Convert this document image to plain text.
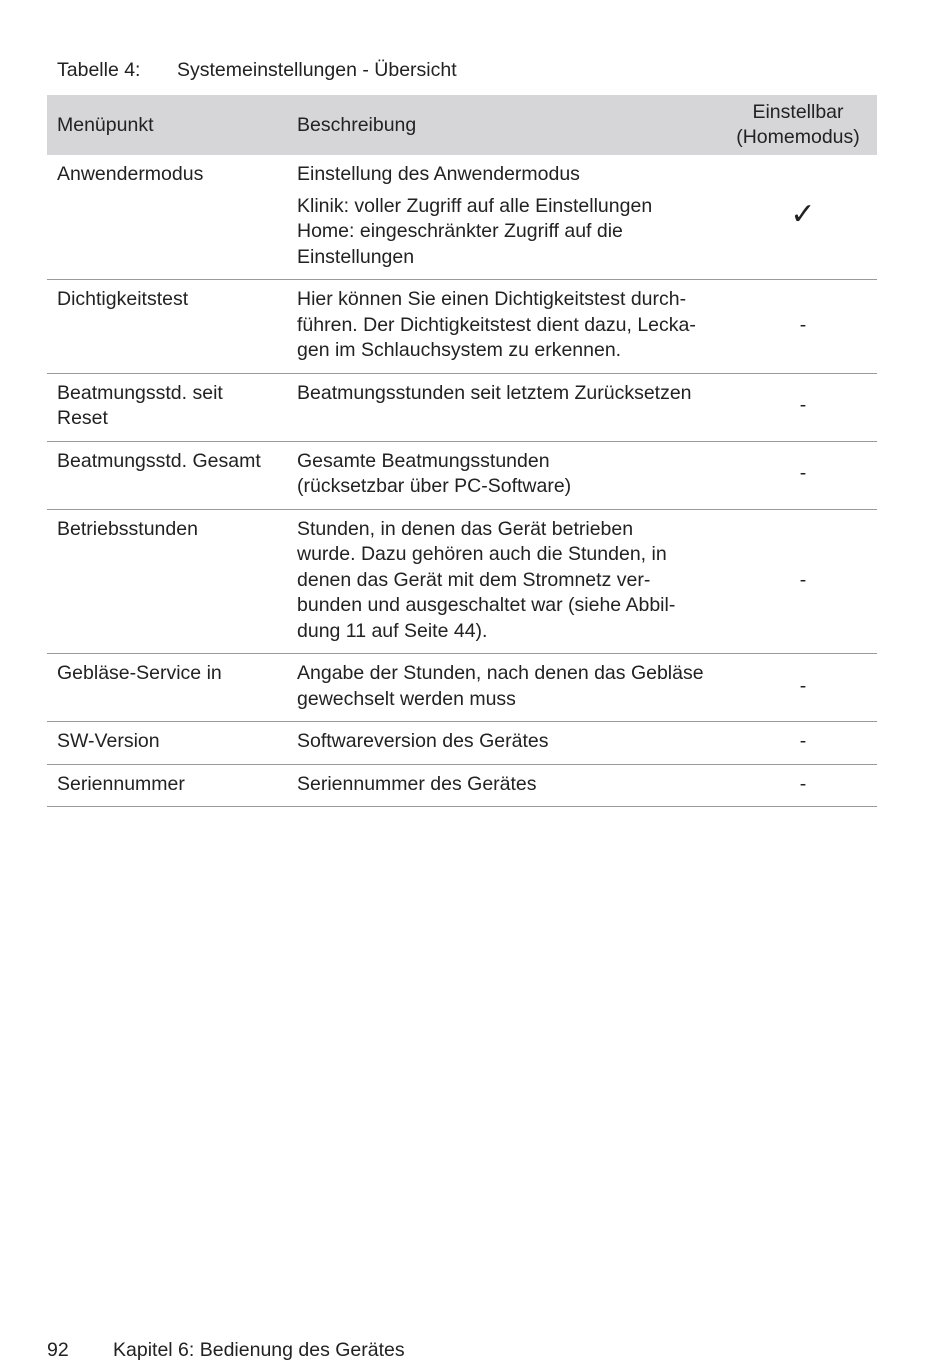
Tabelle 4:	Systemeinstellungen - Übersicht
Menüpunkt	Beschreibung	Einstellbar
(Homemodus)

Anwendermodus	Einstellung des Anwendermodus
Klinik: voller Zugriff auf alle Einstellungen
Home: eingeschränkter Zugriff auf die
Einstellungen	✓

Dichtigkeitstest	Hier können Sie einen Dichtigkeitstest durch-
führen. Der Dichtigkeitstest dient dazu, Lecka-
gen im Schlauchsystem zu erkennen.	-

Beatmungsstd. seit
Reset	Beatmungsstunden seit letztem Zurücksetzen	-

Beatmungsstd. Gesamt	Gesamte Beatmungsstunden
(rücksetzbar über PC-Software)	-

Betriebsstunden	Stunden, in denen das Gerät betrieben
wurde. Dazu gehören auch die Stunden, in
denen das Gerät mit dem Stromnetz ver-
bunden und ausgeschaltet war (siehe Abbil-
dung 11 auf Seite 44).	-

Gebläse-Service in	Angabe der Stunden, nach denen das Gebläse
gewechselt werden muss	-

SW-Version	Softwareversion des Gerätes	-

Seriennummer	Seriennummer des Gerätes	-
92	Kapitel 6: Bedienung des Gerätes
